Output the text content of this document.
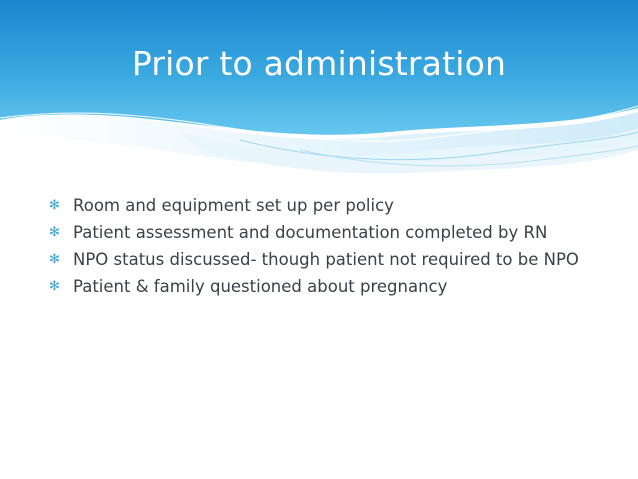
Prior to administration
✻ Room and equipment set up per policy
✻ Patient assessment and documentation completed by RN
✻ NPO status discussed- though patient not required to be NPO
✻ Patient & family questioned about pregnancy
